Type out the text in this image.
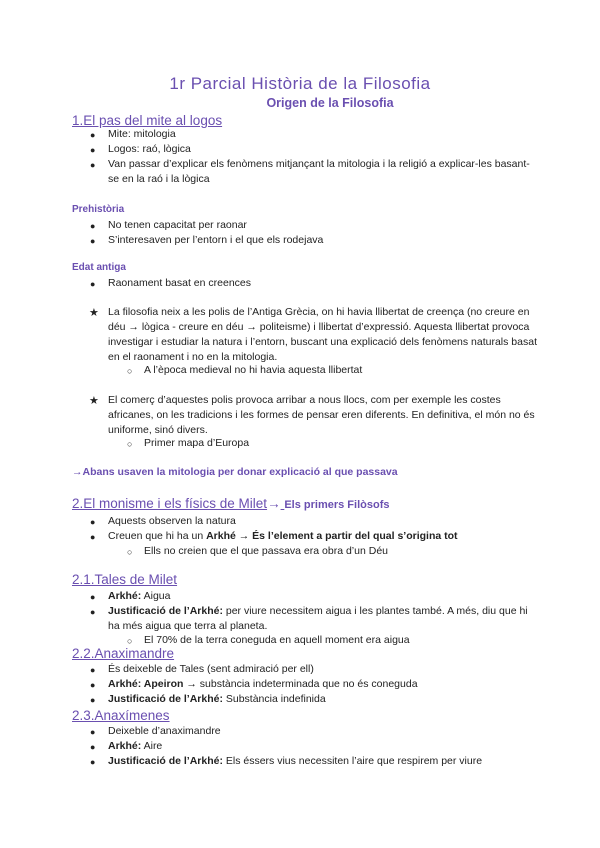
1r Parcial Història de la Filosofia
Origen de la Filosofia
1.El pas del mite al logos
● Mite: mitologia
● Logos: raó, lògica
● Van passar d’explicar els fenòmens mitjançant la mitologia i la religió a explicar-les basant-se en la raó i la lògica
Prehistòria
● No tenen capacitat per raonar
● S’interesaven per l’entorn i el que els rodejava
Edat antiga
● Raonament basat en creences
★ La filosofia neix a les polis de l’Antiga Grècia, on hi havia llibertat de creença (no creure en déu → lògica - creure en déu → politeisme) i llibertat d’expressió. Aquesta llibertat provoca investigar i estudiar la natura i l’entorn, buscant una explicació dels fenòmens naturals basat en el raonament i no en la mitologia.
○ A l’època medieval no hi havia aquesta llibertat
★ El comerç d’aquestes polis provoca arribar a nous llocs, com per exemple les costes africanes, on les tradicions i les formes de pensar eren diferents. En definitiva, el món no és uniforme, sinó divers.
○ Primer mapa d’Europa
→Abans usaven la mitologia per donar explicació al que passava
2.El monisme i els físics de Milet→ Els primers Filòsofs
● Aquests observen la natura
● Creuen que hi ha un Arkhé → És l’element a partir del qual s’origina tot
○ Ells no creien que el que passava era obra d’un Déu
2.1.Tales de Milet
● Arkhé: Aigua
● Justificació de l’Arkhé: per viure necessitem aigua i les plantes també. A més, diu que hi ha més aigua que terra al planeta.
○ El 70% de la terra coneguda en aquell moment era aigua
2.2.Anaximandre
● És deixeble de Tales (sent admiració per ell)
● Arkhé: Apeiron → substància indeterminada que no és coneguda
● Justificació de l’Arkhé: Substància indefinida
2.3.Anaxímenes
● Deixeble d’anaximandre
● Arkhé: Aire
● Justificació de l’Arkhé: Els éssers vius necessiten l’aire que respirem per viure
